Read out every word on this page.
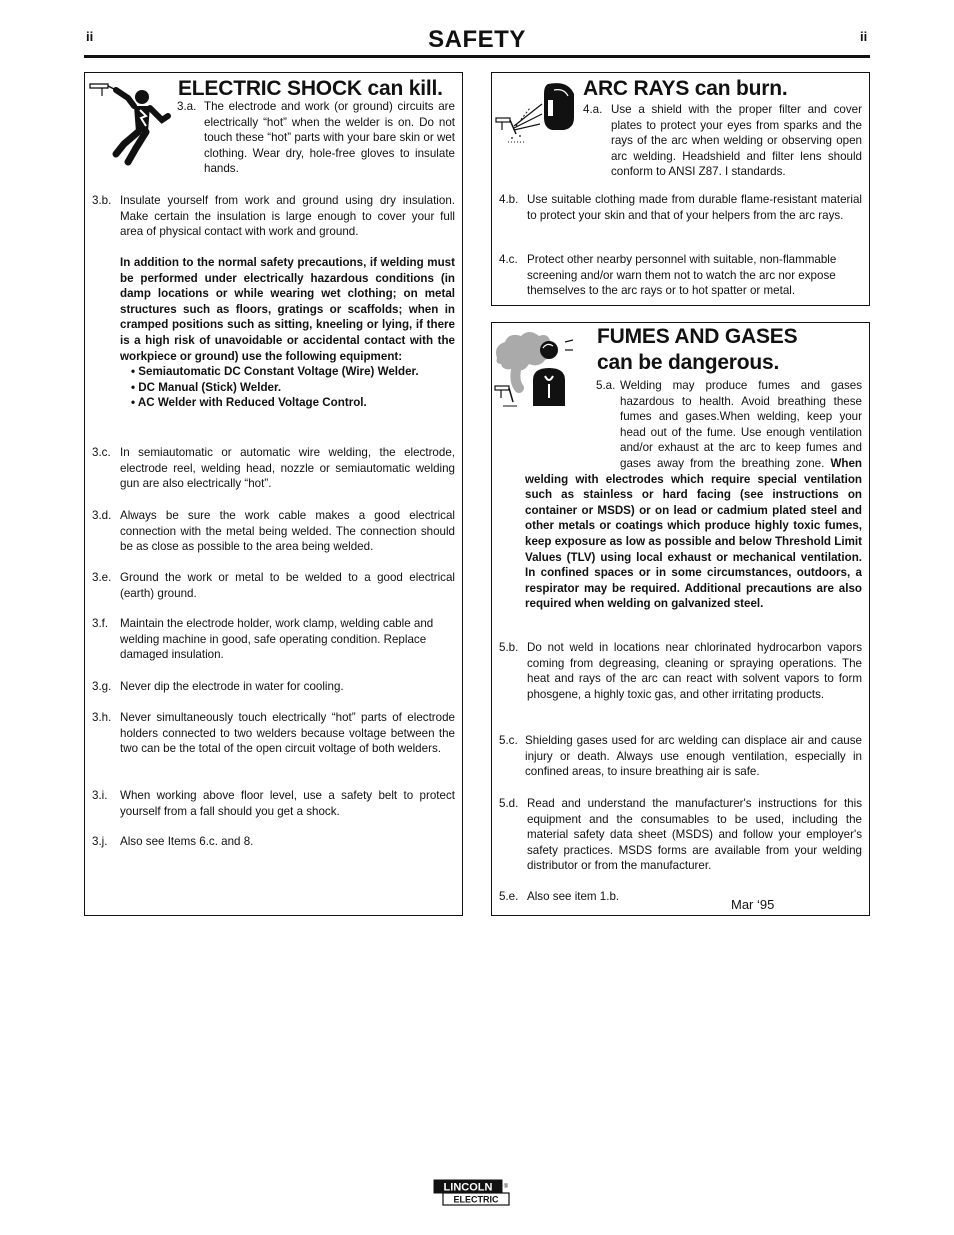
ii	SAFETY	ii
ELECTRIC SHOCK can kill.
3.a. The electrode and work (or ground) circuits are electrically “hot” when the welder is on. Do not touch these “hot” parts with your bare skin or wet clothing. Wear dry, hole-free gloves to insulate hands.
3.b. Insulate yourself from work and ground using dry insulation. Make certain the insulation is large enough to cover your full area of physical contact with work and ground.
In addition to the normal safety precautions, if welding must be performed under electrically hazardous conditions (in damp locations or while wearing wet clothing; on metal structures such as floors, gratings or scaffolds; when in cramped positions such as sitting, kneeling or lying, if there is a high risk of unavoidable or accidental contact with the workpiece or ground) use the following equipment:
• Semiautomatic DC Constant Voltage (Wire) Welder.
• DC Manual (Stick) Welder.
• AC Welder with Reduced Voltage Control.
3.c. In semiautomatic or automatic wire welding, the electrode, electrode reel, welding head, nozzle or semiautomatic welding gun are also electrically “hot”.
3.d. Always be sure the work cable makes a good electrical connection with the metal being welded. The connection should be as close as possible to the area being welded.
3.e. Ground the work or metal to be welded to a good electrical (earth) ground.
3.f.	Maintain the electrode holder, work clamp, welding cable and welding machine in good, safe operating condition. Replace damaged insulation.
3.g. Never dip the electrode in water for cooling.
3.h. Never simultaneously touch electrically “hot” parts of electrode holders connected to two welders because voltage between the two can be the total of the open circuit voltage of both welders.
3.i.	When working above floor level, use a safety belt to protect yourself from a fall should you get a shock.
3.j.	Also see Items 6.c. and 8.
ARC RAYS can burn.
4.a. Use a shield with the proper filter and cover plates to protect your eyes from sparks and the rays of the arc when welding or observing open arc welding. Headshield and filter lens should conform to ANSI Z87. I standards.
4.b. Use suitable clothing made from durable flame-resistant material to protect your skin and that of your helpers from the arc rays.
4.c. Protect other nearby personnel with suitable, non-flammable screening and/or warn them not to watch the arc nor expose themselves to the arc rays or to hot spatter or metal.
FUMES AND GASES
can be dangerous.
5.a. Welding may produce fumes and gases hazardous to health. Avoid breathing these fumes and gases.When welding, keep your head out of the fume. Use enough ventilation and/or exhaust at the arc to keep fumes and gases away from the breathing zone. When welding with electrodes which require special ventilation such as stainless or hard facing (see instructions on container or MSDS) or on lead or cadmium plated steel and other metals or coatings which produce highly toxic fumes, keep exposure as low as possible and below Threshold Limit Values (TLV) using local exhaust or mechanical ventilation. In confined spaces or in some circumstances, outdoors, a respirator may be required. Additional precautions are also required when welding on galvanized steel.

5.b. Do not weld in locations near chlorinated hydrocarbon vapors coming from degreasing, cleaning or spraying operations. The heat and rays of the arc can react with solvent vapors to form phosgene, a highly toxic gas, and other irritating products.
5.c. Shielding gases used for arc welding can displace air and cause injury or death. Always use enough ventilation, especially in confined areas, to insure breathing air is safe.
5.d. Read and understand the manufacturer's instructions for this equipment and the consumables to be used, including the material safety data sheet (MSDS) and follow your employer's safety practices. MSDS forms are available from your welding distributor or from the manufacturer.
5.e. Also see item 1.b.
Mar ‘95
LINCOLN
ELECTRIC
®
